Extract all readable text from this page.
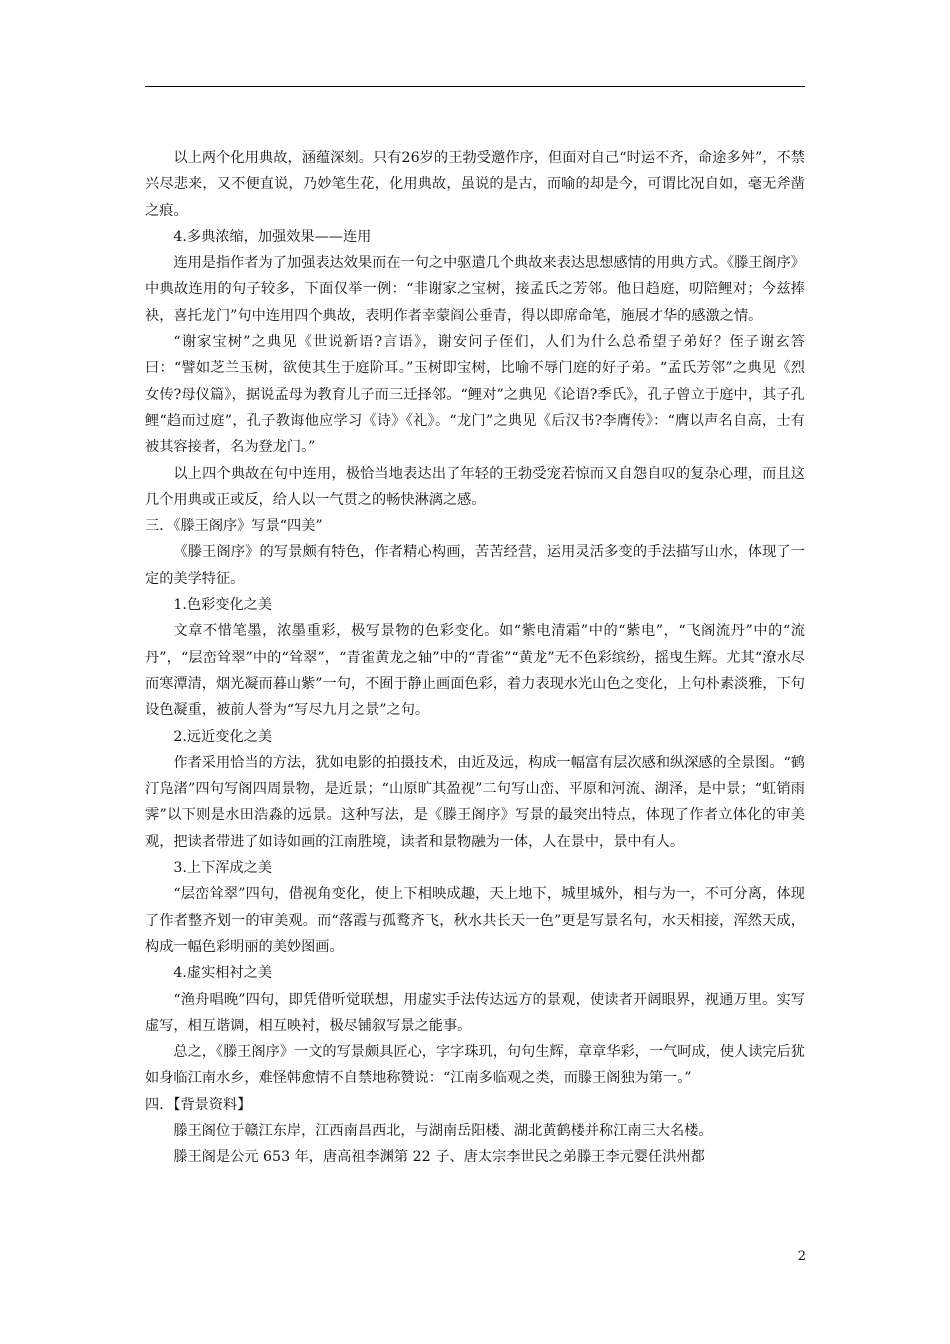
以上两个化用典故，涵蕴深刻。只有26岁的王勃受邀作序，但面对自己“时运不齐，命途多舛”，不禁兴尽悲来，又不便直说，乃妙笔生花，化用典故，虽说的是古，而喻的却是今，可谓比况自如，毫无斧凿之痕。

4.多典浓缩，加强效果——连用

连用是指作者为了加强表达效果而在一句之中驱遣几个典故来表达思想感情的用典方式。《滕王阁序》中典故连用的句子较多，下面仅举一例：“非谢家之宝树，接孟氏之芳邻。他日趋庭，叨陪鲤对；今兹捧袂，喜托龙门”句中连用四个典故，表明作者幸蒙阎公垂青，得以即席命笔，施展才华的感激之情。

“谢家宝树”之典见《世说新语?言语》，谢安问子侄们，人们为什么总希望子弟好？侄子谢玄答曰：“譬如芝兰玉树，欲使其生于庭阶耳。”玉树即宝树，比喻不辱门庭的好子弟。“孟氏芳邻”之典见《烈女传?母仪篇》，据说孟母为教育儿子而三迁择邻。“鲤对”之典见《论语?季氏》，孔子曾立于庭中，其子孔鲤“趋而过庭”，孔子教诲他应学习《诗》《礼》。“龙门”之典见《后汉书?李膺传》：“膺以声名自高，士有被其容接者，名为登龙门。”

以上四个典故在句中连用，极恰当地表达出了年轻的王勃受宠若惊而又自怨自叹的复杂心理，而且这几个用典或正或反，给人以一气贯之的畅快淋漓之感。

三．《滕王阁序》写景“四美”

《滕王阁序》的写景颇有特色，作者精心构画，苦苦经营，运用灵活多变的手法描写山水，体现了一定的美学特征。

1.色彩变化之美

文章不惜笔墨，浓墨重彩，极写景物的色彩变化。如“紫电清霜”中的“紫电”，“飞阁流丹”中的“流丹”，“层峦耸翠”中的“耸翠”，“青雀黄龙之轴”中的“青雀”“黄龙”无不色彩缤纷，摇曳生辉。尤其“潦水尽而寒潭清，烟光凝而暮山紫”一句，不囿于静止画面色彩，着力表现水光山色之变化，上句朴素淡雅，下句设色凝重，被前人誉为“写尽九月之景”之句。

2.远近变化之美

作者采用恰当的方法，犹如电影的拍摄技术，由近及远，构成一幅富有层次感和纵深感的全景图。“鹤汀凫渚”四句写阁四周景物，是近景；“山原旷其盈视”二句写山峦、平原和河流、湖泽，是中景；“虹销雨霁”以下则是水田浩淼的远景。这种写法，是《滕王阁序》写景的最突出特点，体现了作者立体化的审美观，把读者带进了如诗如画的江南胜境，读者和景物融为一体，人在景中，景中有人。

3.上下浑成之美

“层峦耸翠”四句，借视角变化，使上下相映成趣，天上地下，城里城外，相与为一，不可分离，体现了作者整齐划一的审美观。而“落霞与孤鹜齐飞，秋水共长天一色”更是写景名句，水天相接，浑然天成，构成一幅色彩明丽的美妙图画。

4.虚实相衬之美

“渔舟唱晚”四句，即凭借听觉联想，用虚实手法传达远方的景观，使读者开阔眼界，视通万里。实写虚写，相互谐调，相互映衬，极尽铺叙写景之能事。

总之，《滕王阁序》一文的写景颇具匠心，字字珠玑，句句生辉，章章华彩，一气呵成，使人读完后犹如身临江南水乡，难怪韩愈情不自禁地称赞说：“江南多临观之类，而滕王阁独为第一。”

四．【背景资料】

滕王阁位于赣江东岸，江西南昌西北，与湖南岳阳楼、湖北黄鹤楼并称江南三大名楼。

滕王阁是公元 653 年，唐高祖李渊第 22 子、唐太宗李世民之弟滕王李元婴任洪州都

2
